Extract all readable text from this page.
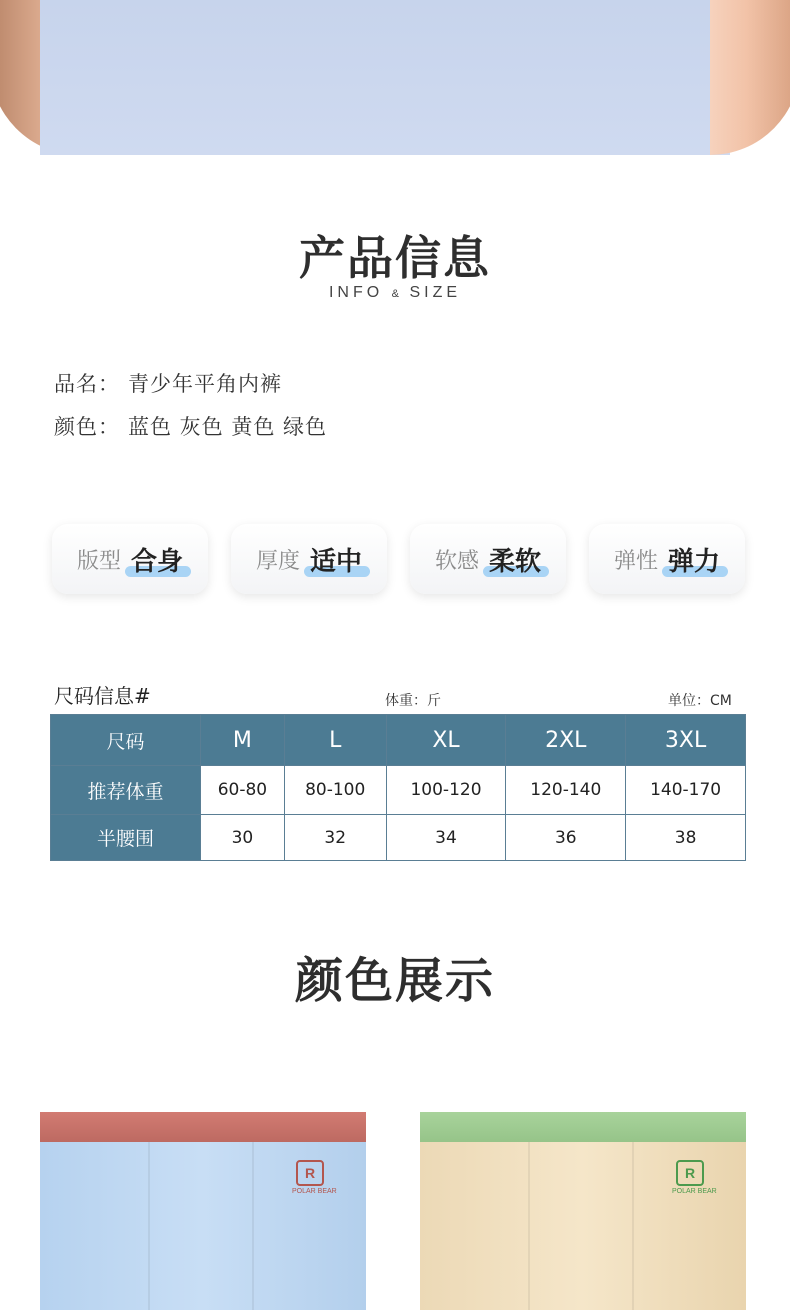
产品信息
INFO & SIZE
品名： 青少年平角内裤
颜色： 蓝色 灰色 黄色 绿色
版型 合身	厚度 适中	软感 柔软	弹性 弹力
尺码信息#	体重：斤	单位：CM
尺码	M	L	XL	2XL	3XL
推荐体重	60-80	80-100	100-120	120-140	140-170
半腰围	30	32	34	36	38
颜色展示
R
POLAR BEAR
R
POLAR BEAR
